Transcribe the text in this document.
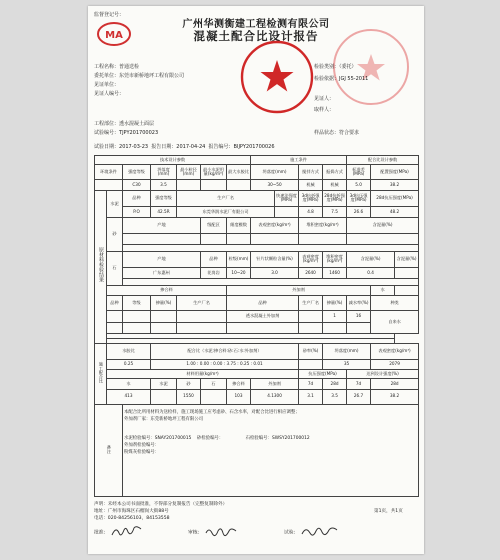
监督登记号：
MA
广州华测衡建工程检测有限公司
混凝土配合比设计报告
工程名称：普通送检
委托单位：东莞市新桥地坪工程有限公司
见证单位：
见证人编号：
检验类别：（委托）
检验依据：JGJ 55-2011
见证人：
取样人：
工程部位：透水混凝土面层
试验编号：TJPY201700023	样品状态：符合要求
试验日期：2017-03-23 报告日期：2017-04-24 报告编号：BIJPY201700026
技术设计参数							施工条件				配合比设计参数		
环境条件		强度等级	坍落度(mm)	最小粒径(mm)	最小水泥用量(kg/m³)	最大水胶比	坍落度(mm)		搅拌方式	振捣方式	标准差(MPa)	配置强度(MPa)	
		C30	3.5				30~50		机械	机械	5.0	38.2	
原材料检验结果	水泥	品种	强度等级	生产厂名				快速法强度(MPa)	3d抗折强度(MPa)	28d抗折强度(MPa)	3d抗压强度(MPa)	28d抗压强度(MPa)	
		P.O	42.5R	东莞华润水泥厂有限公司					4.8	7.5	26.6	48.2	
	砂	产地			级配区	细度模数	表观密度(kg/m³)		堆积密度(kg/m³)		含泥量(%)		

	石	产地			品种	粒级(mm)	针片状颗粒含量(%)		表观密度(kg/m³)	堆积密度(kg/m³)	含泥量(%)		含泥量(%)
		广东惠州			花岗岩	10~20	3.0		2640	1460	0.4		

	掺合料					外加剂						水	
	品种	等级	掺量(%)	生产厂名		品种			生产厂名	掺量(%)	减水率(%)	种类	
						透水混凝土外加剂				1	16	自来水	

施工配合比	水胶比		配合比（水泥:掺合料:砂:石:水:外加剂）						砂率(%)	坍落度(mm)		表观密度(kg/m³)	
	0.25		1.00 : 0.00 : 0.00 : 3.75 : 0.25 : 0.01							35		2079	
	材料用量(kg/m³)								抗压强度(MPa)		达到设计强度(%)		
	水		水泥	砂	石	掺合料	外加剂		7d	28d	7d	28d	
	413			1550		103	4.1300		3.1	3.5	26.7	38.2	
备注		本配合比所用材料为送检样，施工现场施工应考虑砂、石含水率，对配合比进行相应调整；
外加剂厂家：东莞新桥地坪工程有限公司
水泥检验编号：SNAY201700015 砂检验编号： 石检验编号：SWSY201700012
外加剂检验编号：
粉煤灰检验编号：											
声明：未经本公司书面批准，不得部分复制报告（完整复制除外）
地址：广州市海珠区石榴岗大街88号
电话：020-84256103，84153558
第1页，共1页
批准：	审核：	试验：
